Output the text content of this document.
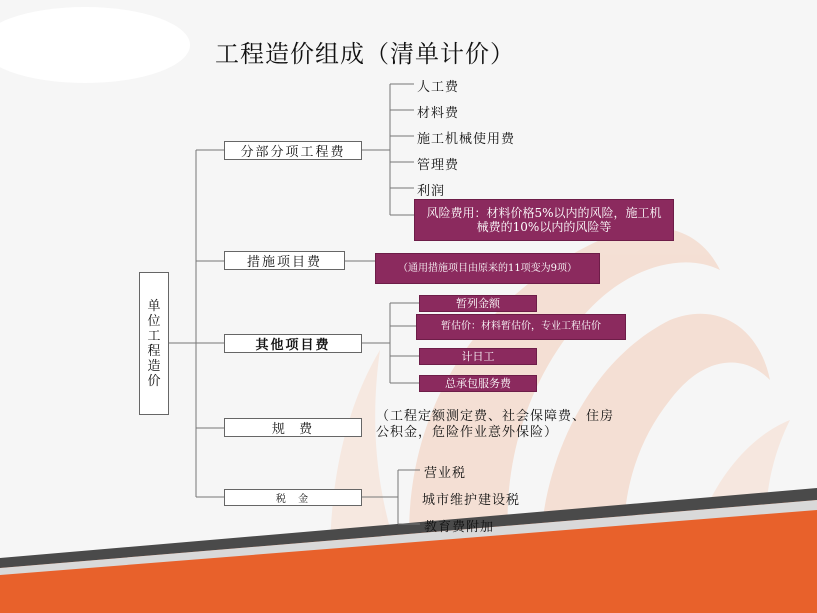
工程造价组成（清单计价）
单
位
工
程
造
价
分部分项工程费
措施项目费
其他项目费
规  费
税  金
人工费
材料费
施工机械使用费
管理费
利润
风险费用：材料价格5%以内的风险，施工机械费的10%以内的风险等
（通用措施项目由原来的11项变为9项）
暂列金额
暂估价：材料暂估价，专业工程估价
计日工
总承包服务费
（工程定额测定费、社会保障费、住房公积金，危险作业意外保险）
营业税
城市维护建设税
教育费附加
